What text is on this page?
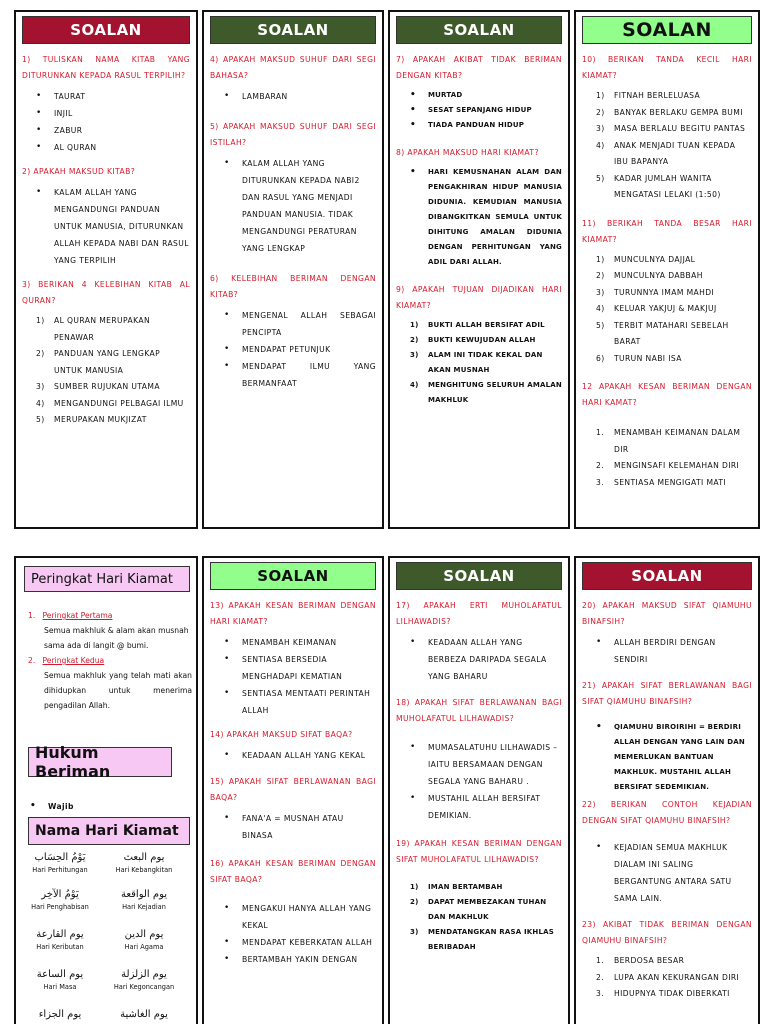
SOALAN
1) TULISKAN NAMA KITAB YANG DITURUNKAN KEPADA RASUL TERPILIH?
• TAURAT
• INJIL
• ZABUR
• AL QURAN
2) APAKAH MAKSUD KITAB?
• KALAM ALLAH YANG MENGANDUNGI PANDUAN UNTUK MANUSIA, DITURUNKAN ALLAH KEPADA NABI DAN RASUL YANG TERPILIH
3) BERIKAN 4 KELEBIHAN KITAB AL QURAN?
1) AL QURAN MERUPAKAN PENAWAR
2) PANDUAN YANG LENGKAP UNTUK MANUSIA
3) SUMBER RUJUKAN UTAMA
4) MENGANDUNGI PELBAGAI ILMU
5) MERUPAKAN MUKJIZAT
SOALAN
4) APAKAH MAKSUD SUHUF DARI SEGI BAHASA?
• LAMBARAN
5) APAKAH MAKSUD SUHUF DARI SEGI ISTILAH?
• KALAM ALLAH YANG DITURUNKAN KEPADA NABI2 DAN RASUL YANG MENJADI PANDUAN MANUSIA. TIDAK MENGANDUNGI PERATURAN YANG LENGKAP
6) KELEBIHAN BERIMAN DENGAN KITAB?
• MENGENAL ALLAH SEBAGAI PENCIPTA
• MENDAPAT PETUNJUK
• MENDAPAT ILMU YANG BERMANFAAT
SOALAN
7) APAKAH AKIBAT TIDAK BERIMAN DENGAN KITAB?
• MURTAD
• SESAT SEPANJANG HIDUP
• TIADA PANDUAN HIDUP
8) APAKAH MAKSUD HARI KIAMAT?
• HARI KEMUSNAHAN ALAM DAN PENGAKHIRAN HIDUP MANUSIA DIDUNIA. KEMUDIAN MANUSIA DIBANGKITKAN SEMULA UNTUK DIHITUNG AMALAN DIDUNIA DENGAN PERHITUNGAN YANG ADIL DARI ALLAH.
9) APAKAH TUJUAN DIJADIKAN HARI KIAMAT?
1) BUKTI ALLAH BERSIFAT ADIL
2) BUKTI KEWUJUDAN ALLAH
3) ALAM INI TIDAK KEKAL DAN AKAN MUSNAH
4) MENGHITUNG SELURUH AMALAN MAKHLUK
SOALAN
10) BERIKAN TANDA KECIL HARI KIAMAT?
1) FITNAH BERLELUASA
2) BANYAK BERLAKU GEMPA BUMI
3) MASA BERLALU BEGITU PANTAS
4) ANAK MENJADI TUAN KEPADA IBU BAPANYA
5) KADAR JUMLAH WANITA MENGATASI LELAKI (1:50)
11) BERIKAH TANDA BESAR HARI KIAMAT?
1) MUNCULNYA DAJJAL
2) MUNCULNYA DABBAH
3) TURUNNYA IMAM MAHDI
4) KELUAR YAKJUJ & MAKJUJ
5) TERBIT MATAHARI SEBELAH BARAT
6) TURUN NABI ISA
12 APAKAH KESAN BERIMAN DENGAN HARI KAMAT?
1. MENAMBAH KEIMANAN DALAM DIR
2. MENGINSAFI KELEMAHAN DIRI
3. SENTIASA MENGIGATI MATI
Peringkat Hari Kiamat
1.   Peringkat Pertama
Semua makhluk & alam akan musnah sama ada di langit @ bumi.
2.   Peringkat Kedua
Semua makhluk yang telah mati akan dihidupkan untuk menerima pengadilan Allah.
Hukum Beriman
• Wajib
Nama Hari Kiamat
يَوْمُ الحِسَاب
Hari Perhitungan
يوم البعث
Hari Kebangkitan
يَوْمُ الآخِر
Hari Penghabisan
يوم الواقعة
Hari Kejadian
يوم القارعة
Hari Keributan
يوم الدين
Hari Agama
يوم الساعة
Hari Masa
يوم الزلزلة
Hari Kegoncangan
يوم الجزاء	يوم الغاشية
SOALAN
13) APAKAH KESAN BERIMAN DENGAN HARI KIAMAT?
• MENAMBAH KEIMANAN
• SENTIASA BERSEDIA MENGHADAPI KEMATIAN
• SENTIASA MENTAATI PERINTAH ALLAH
14) APAKAH MAKSUD SIFAT BAQA?
• KEADAAN ALLAH YANG KEKAL
15) APAKAH SIFAT BERLAWANAN BAGI BAQA?
• FANA'A = MUSNAH ATAU BINASA
16) APAKAH KESAN BERIMAN DENGAN SIFAT BAQA?
• MENGAKUI HANYA ALLAH YANG KEKAL
• MENDAPAT KEBERKATAN ALLAH
• BERTAMBAH YAKIN DENGAN
SOALAN
17) APAKAH ERTI MUHOLAFATUL LILHAWADIS?
• KEADAAN ALLAH YANG BERBEZA DARIPADA SEGALA YANG BAHARU
18) APAKAH SIFAT BERLAWANAN BAGI MUHOLAFATUL LILHAWADIS?
• MUMASALATUHU LILHAWADIS – IAITU BERSAMAAN DENGAN SEGALA YANG BAHARU .
• MUSTAHIL ALLAH BERSIFAT DEMIKIAN.
19) APAKAH KESAN BERIMAN DENGAN SIFAT MUHOLAFATUL LILHAWADIS?
1) IMAN BERTAMBAH
2) DAPAT MEMBEZAKAN TUHAN DAN MAKHLUK
3) MENDATANGKAN RASA IKHLAS BERIBADAH
SOALAN
20) APAKAH MAKSUD SIFAT QIAMUHU BINAFSIH?
• ALLAH BERDIRI DENGAN SENDIRI
21) APAKAH SIFAT BERLAWANAN BAGI SIFAT QIAMUHU BINAFSIH?
• QIAMUHU BIROIRIHI = BERDIRI ALLAH DENGAN YANG LAIN DAN MEMERLUKAN BANTUAN MAKHLUK. MUSTAHIL ALLAH BERSIFAT SEDEMIKIAN.
22) BERIKAN CONTOH KEJADIAN DENGAN SIFAT QIAMUHU BINAFSIH?
• KEJADIAN SEMUA MAKHLUK DIALAM INI SALING BERGANTUNG ANTARA SATU SAMA LAIN.
23) AKIBAT TIDAK BERIMAN DENGAN QIAMUHU BINAFSIH?
1. BERDOSA BESAR
2. LUPA AKAN KEKURANGAN DIRI
3. HIDUPNYA TIDAK DIBERKATI
